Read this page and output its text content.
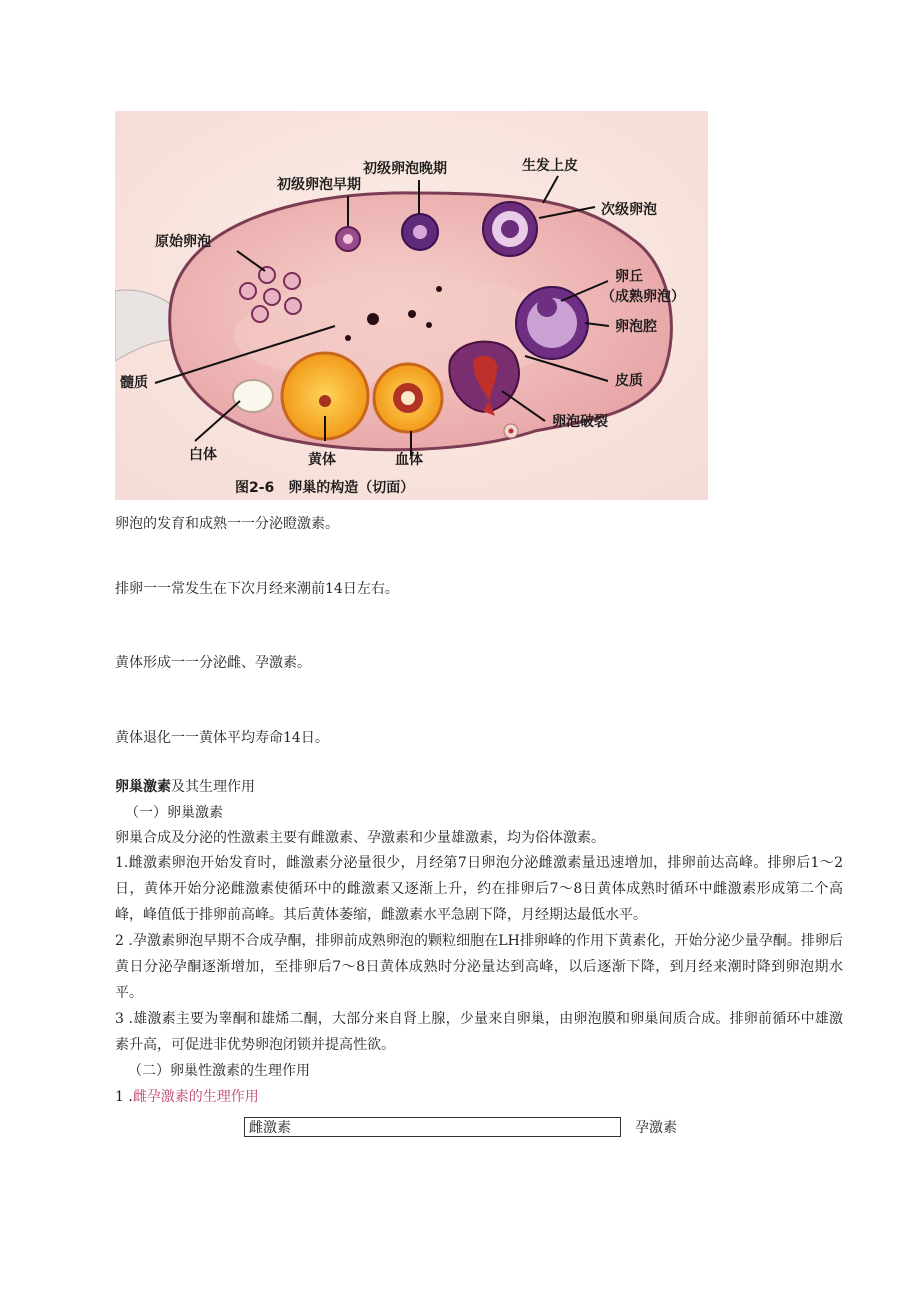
初级卵泡晚期	生发上皮
初级卵泡早期
次级卵泡
原始卵泡
卵丘
（成熟卵泡）
卵泡腔
髓质	皮质
卵泡破裂
白体	黄体	血体
图2-6　卵巢的构造（切面）
卵泡的发育和成熟一一分泌瞪激素。
排卵一一常发生在下次月经来潮前14日左右。
黄体形成一一分泌雌、孕激素。
黄体退化一一黄体平均寿命14日。
卵巢激素及其生理作用
（一）卵巢激素
卵巢合成及分泌的性激素主要有雌激素、孕激素和少量雄激素，均为俗体激素。

1.雌激素卵泡开始发育时，雌激素分泌量很少，月经第7日卵泡分泌雌激素量迅速增加，排卵前达高峰。排卵后1～2日，黄体开始分泌雌激素使循环中的雌激素又逐渐上升，约在排卵后7～8日黄体成熟时循环中雌激素形成第二个高峰，峰值低于排卵前高峰。其后黄体萎缩，雌激素水平急剧下降，月经期达最低水平。

2 .孕激素卵泡早期不合成孕酮，排卵前成熟卵泡的颗粒细胞在LH排卵峰的作用下黄素化，开始分泌少量孕酮。排卵后黄日分泌孕酮逐渐增加，至排卵后7～8日黄体成熟时分泌量达到高峰，以后逐渐下降，到月经来潮时降到卵泡期水平。

3 .雄激素主要为睾酮和雄烯二酮，大部分来自肾上腺，少量来自卵巢，由卵泡膜和卵巢间质合成。排卵前循环中雄激素升高，可促进非优势卵泡闭锁并提高性欲。

（二）卵巢性激素的生理作用
1 .雌孕激素的生理作用
雌激素	孕激素
